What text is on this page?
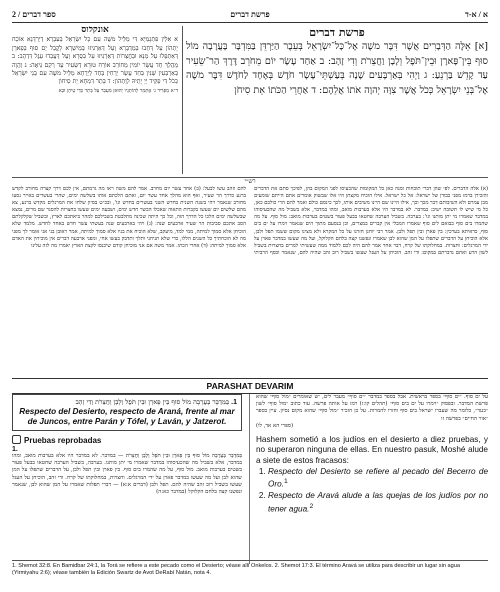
2 / ספר דברים	פרשת דברים	א / א-ד
אונקלוס
א אִלֵּין פִּתְגָמַיָּא דִּי מַלֵּיל משֶׁה עִם כָּל יִשְׂרָאֵל בְּעִבְרָא דְיַרְדְּנָא אוֹכַח יָתְהוֹן עַל דְּחָבוּ בְּמַדְבְּרָא וְעַל דְּאַרְגִּיזוּ בְּמֵישְׁרָא לָקֳבֵל יַם סוּף בְּפָארָן דְּאִתְפַּלוּ עַל מַנָּא וּבַחֲצֵרוֹת דְּאַרְגִּיזוּ עַל בִּסְרָא וְעַל דַּעֲבַדוּ עֵגֶל דִּדְהָב: ב מַהֲלַךְ חַד עֲשַׂר יוֹמִין מֵחוֹרֵב אוֹרַח טוּרָא דְשֵׂעִיר עַד רְקַם גֵּיאָה: ג וַהֲוָה בְּאַרְבְּעִין שְׁנִין בְּחַד עֲשַׂר יַרְחִין בְּחַד לְיַרְחָא מַלֵּיל משֶׁה עִם בְּנֵי יִשְׂרָאֵל כְּכֹל דִּי פַקֵּיד יְיָ יָתֵיהּ לְוָתְהוֹן: ד בָּתַר דִּמְחָא יָת סִיחוֹן
ד״א מַפְרִיד נ׳ אֶתְמַר לְהוֹתְגָיו יְהוּאן מִעְבַר עַל בָּתַר כְּדִי טֵיהֵן וּבָא
פרשת דברים
[א] אֵלֶּה הַדְּבָרִים אֲשֶׁר דִּבֶּר משֶׁה אֶל־כָּל־יִשְׂרָאֵל בְּעֵבֶר הַיַּרְדֵּן בַּמִּדְבָּר בָּעֲרָבָה מוֹל סוּף בֵּין־פָּארָן וּבֵין־תֹּפֶל וְלָבָן וַחֲצֵרֹת וְדִי זָהָב: ב אַחַד עָשָׂר יוֹם מֵחֹרֵב דֶּרֶךְ הַר־שֵׂעִיר עַד קָדֵשׁ בַּרְנֵעַ: ג וַיְהִי בְּאַרְבָּעִים שָׁנָה בְּעַשְׁתֵּי־עָשָׂר חֹדֶשׁ בְּאֶחָד לַחֹדֶשׁ דִּבֶּר משֶׁה אֶל־בְּנֵי יִשְׂרָאֵל כְּכֹל אֲשֶׁר צִוָּה יְהוָה אֹתוֹ אֲלֵהֶם: ד אַחֲרֵי הַכֹּתוֹ אֵת סִיחֹן
רש״י
(א) אלה הדברים. לפי שהן דברי תוכחות ומנה כאן כל המקומות שהכעיסו לפני המקום בהן, לפיכך סתם את הדברים והזכירן ברמז מפני כבודן של ישראל: אל כל ישראל. אילו הוכיח מקצתן היו אלו שבשוק אומרים אתם הייתם שומעים מבן עמרם ולא השיבותם דבר מכך וכך, אילו היינו שם היינו משיבים אותו, לכך כינסם כולם ואמר להם הרי כולכם כאן, כל מי שיש לו תשובה ישיב: במדבר. לא במדבר היו אלא בערבות מואב, ומהו במדבר, אלא בשביל מה שהכעיסוהו במדבר שאמרו מי יתן מותנו וגו': בערבה. בשביל הערבה שחטאו בבעל פעור בשטים בערבות מואב: מול סוף. על מה שהמרו בים סוף בבואם לים סוף שאמרו המבלי אין קברים במצרים, וכן בנסעם מתוך הים שנאמר וימרו על ים בים סוף, כדאיתא בערכין: בין פארן ובין תפל ולבן. אמר רבי יוחנן חזרנו על כל המקרא ולא מצינו מקום ששמו תפל ולבן, אלא הוכיחן על הדברים שתפלו על המן שהוא לבן שאמרו ונפשנו קצה בלחם הקלוקל, ועל מה שעשו במדבר פארן על ידי המרגלים: וחצרות. במחלוקתו של קרח, דבר אחר אמר להם היה לכם ללמוד ממה שעשיתי למרים בחצרות בשביל לשון הרע ואתם נדברתם במקום: ודי זהב. הוכיחן על העגל שעשו בשביל רוב זהב שהיה להם, שנאמר וכסף הרביתי להם וזהב עשו לבעל: (ב) אחד עשר יום מחרב. אמר להם משה ראו מה גרמתם, אין לכם דרך קצרה מחורב לקדש ברנע כדרך הר שעיר, ואף הוא מהלך אחד עשר יום, ואתם הלכתם אותו בשלשה ימים, שהרי בעשרים באייר נסעו מחורב שנאמר ויהי בשנה השנית בחדש השני בעשרים בחדש וגו', ובכ״ט בסיון שלחו את המרגלים מקדש ברנע, צא מהם שלשים יום שעשו בקברות התאוה שאכלו הבשר חדש ימים, ושבעה ימים שעשו בחצרות להסגר שם מרים, נמצא שבשלשה ימים הלכו כל הדרך הזה, וכל כך היתה שכינה מתלבטת בשבילכם למהר ביאתכם לארץ, ובשביל שקלקלתם הסב אתכם סביבות הר שעיר ארבעים שנה: (ג) ויהי בארבעים שנה בעשתי עשר חדש באחד לחדש. מלמד שלא הוכיחן אלא סמוך למיתה, ממי למד, מיעקב, שלא הוכיח את בניו אלא סמוך למיתה, אמר ראובן בני אני אומר לך מפני מה לא הוכחתיך כל השנים הללו, כדי שלא תניחני ותלך ותדבק בעשו אחי, ומפני ארבעה דברים אין מוכיחין את האדם אלא סמוך למיתה: (ד) אחרי הכתו. אמר משה אם אני מוכיחן קודם שיכנסו לקצת הארץ יאמרו מה לזה עלינו
PARASHAT DEVARIM
1. בַּמִּדְבָּר בָּעֲרָבָה מוֹל סוּף בֵּין פָּארָן וּבֵין תֹּפֶל וְלָבָן וַחֲצֵרֹת וְדִי זָהָב
Respecto del Desierto, respecto de Araná, frente al mar de Juncos, entre Parán y Tófel, y Laván, y Jatzerot.
Pruebas reprobadas
1.
בַּמִּדְבָּר בָּעֲרָבָה מוֹל סוּף בֵּין פָּארָן וּבֵין תֹּפֶל וְלָבָן וַחֲצֵרֹת — במדבר. לא במדבר היו אלא בערבות מואב, ומהו במדבר, אלא בשביל מה שהכעיסוהו במדבר שאמרו מי יתן מותנו. בערבה, בשביל הערבה שחטאו בבעל פעור בשטים בערבות מואב. מול סוף, על מה שהמרו בים סוף. בין פארן ובין תפל ולבן, על הדברים שתפלו על המן שהוא לבן ועל מה שעשו במדבר פארן על ידי המרגלים. וחצרות, במחלוקתו של קרח. ודי זהב, הוכיחן על העגל שעשו בשביל רוב זהב שהיה להם. תפל ולבן (דברים א:א) — דברי תפלות שאמרו על המן שהוא לבן, שנאמר ונפשנו קצה בלחם הקלוקל (במדבר כא:ה)
על ים סוף. ״ים סוף״ בספר בראשית. אבל בספר במדבר ״ים סוף״ מעבר לים, יש שאומרים ״מול סוף״ שהוא פרשת המדבר. ובפסוק ״וימרו על ים בים סוף״ (תהלים קו:ז) רמז על אותה פרשה. עוד כתוב ״מול סוף״ לשון ״כנגד״, כלומר מה שעברו ישראל בים סוף וחזרו להמרות. על כן הזכיר ״מול סוף״ שהוא מקום נסיון. עיין בספר ״אור החיים״ בפרשה זו
(ספרי הא אד, לו)
Hashem sometió a los judíos en el desierto a diez pruebas, y no superaron ninguna de ellas. En nuestro pasuk, Moshé alude a siete de estos fracasos:
1. Respecto del Desierto se refiere al pecado del Becerro de Oro.$^1$
2. Respecto de Aravá alude a las quejas de los judíos por no tener agua.$^2$
1. Shemot 32:8. En Bamidbar 24:1, la Torá se refiere a este pecado como el Desierto; véase allí Onkelos. 2. Shemot 17:3. El término Aravá se utiliza para describir un lugar sin agua (Yirmiyahu 2:6); véase también la Edición Swartz de Avot DeRabí Natán, nota 4.
